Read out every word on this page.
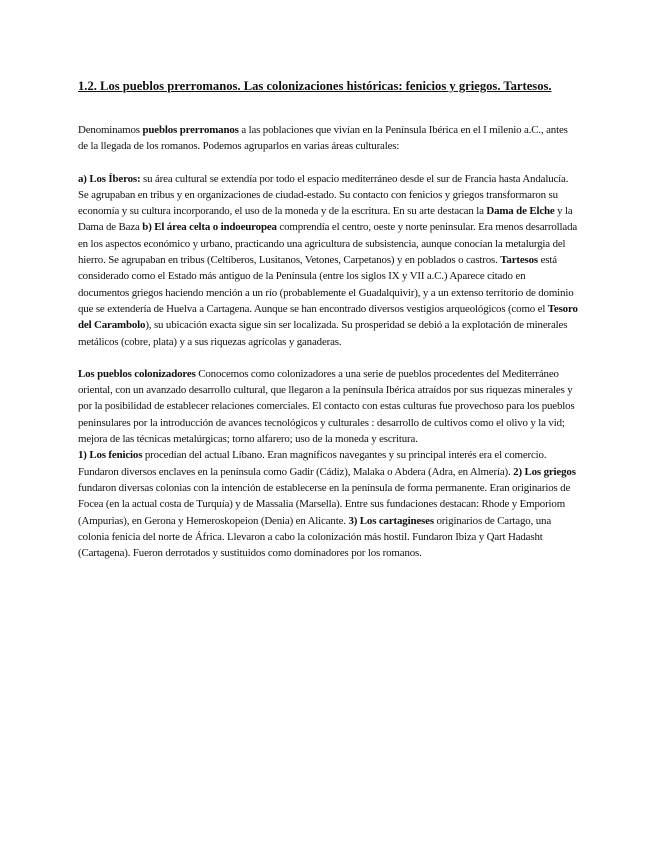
1.2. Los pueblos prerromanos. Las colonizaciones históricas: fenicios y griegos. Tartesos.

Denominamos pueblos prerromanos a las poblaciones que vivían en la Península Ibérica en el I milenio a.C., antes de la llegada de los romanos. Podemos agruparlos en varias áreas culturales:

a) Los Íberos: su área cultural se extendía por todo el espacio mediterráneo desde el sur de Francia hasta Andalucía. Se agrupaban en tribus y en organizaciones de ciudad-estado. Su contacto con fenicios y griegos transformaron su economía y su cultura incorporando, el uso de la moneda y de la escritura. En su arte destacan la Dama de Elche y la Dama de Baza b) El área celta o indoeuropea comprendía el centro, oeste y norte peninsular. Era menos desarrollada en los aspectos económico y urbano, practicando una agricultura de subsistencia, aunque conocían la metalurgia del hierro. Se agrupaban en tribus (Celtíberos, Lusitanos, Vetones, Carpetanos) y en poblados o castros. Tartesos está considerado como el Estado más antiguo de la Península (entre los siglos IX y VII a.C.) Aparece citado en documentos griegos haciendo mención a un río (probablemente el Guadalquivir), y a un extenso territorio de dominio que se extendería de Huelva a Cartagena. Aunque se han encontrado diversos vestigios arqueológicos (como el Tesoro del Carambolo), su ubicación exacta sigue sin ser localizada. Su prosperidad se debió a la explotación de minerales metálicos (cobre, plata) y a sus riquezas agrícolas y ganaderas.

Los pueblos colonizadores Conocemos como colonizadores a una serie de pueblos procedentes del Mediterráneo oriental, con un avanzado desarrollo cultural, que llegaron a la península Ibérica atraídos por sus riquezas minerales y por la posibilidad de establecer relaciones comerciales. El contacto con estas culturas fue provechoso para los pueblos peninsulares por la introducción de avances tecnológicos y culturales : desarrollo de cultivos como el olivo y la vid; mejora de las técnicas metalúrgicas; torno alfarero; uso de la moneda y escritura.

1) Los fenicios procedían del actual Líbano. Eran magníficos navegantes y su principal interés era el comercio. Fundaron diversos enclaves en la península como Gadir (Cádiz), Malaka o Abdera (Adra, en Almería). 2) Los griegos fundaron diversas colonias con la intención de establecerse en la península de forma permanente. Eran originarios de Focea (en la actual costa de Turquía) y de Massalia (Marsella). Entre sus fundaciones destacan: Rhode y Emporiom (Ampurias), en Gerona y Hemeroskopeion (Denia) en Alicante. 3) Los cartagineses originarios de Cartago, una colonia fenicia del norte de África. Llevaron a cabo la colonización más hostil. Fundaron Ibiza y Qart Hadasht (Cartagena). Fueron derrotados y sustituidos como dominadores por los romanos.
